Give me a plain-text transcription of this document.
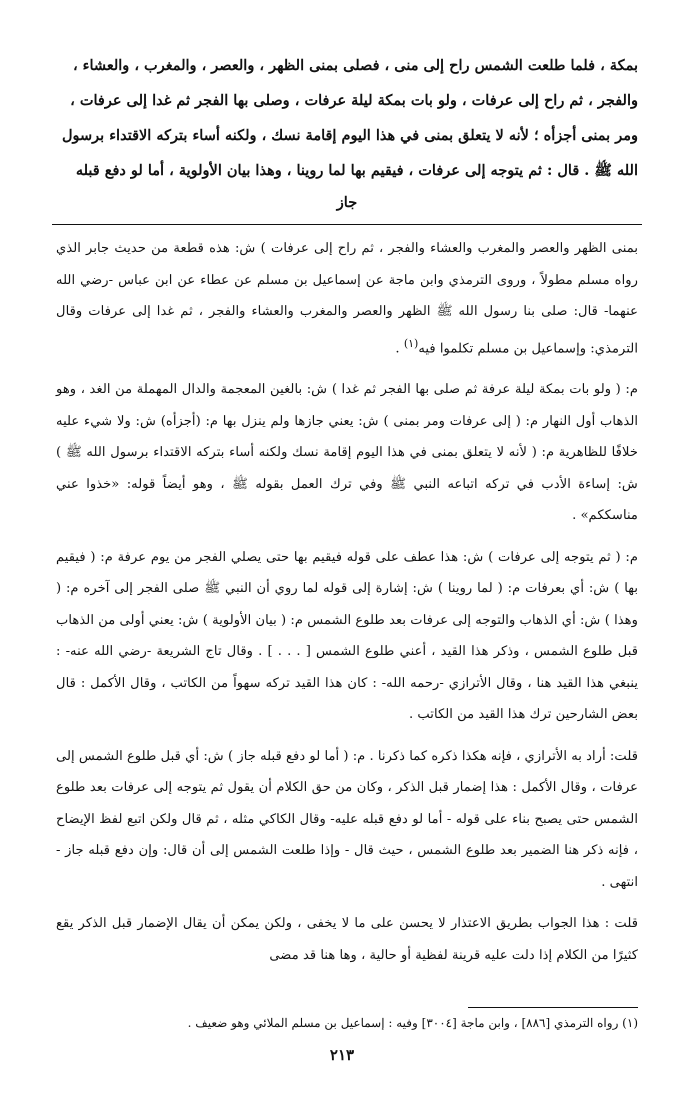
بمكة ، فلما طلعت الشمس راح إلى منى ، فصلى بمنى الظهر ، والعصر ، والمغرب ، والعشاء ،

والفجر ، ثم راح إلى عرفات ، ولو بات بمكة ليلة عرفات ، وصلى بها الفجر ثم غدا إلى عرفات ،

ومر بمنى أجزأه ؛ لأنه لا يتعلق بمنى في هذا اليوم إقامة نسك ، ولكنه أساء بتركه الاقتداء برسول

الله ﷺ . قال : ثم يتوجه إلى عرفات ، فيقيم بها لما روينا ، وهذا بيان الأولوية ، أما لو دفع قبله

جاز

بمنى الظهر والعصر والمغرب والعشاء والفجر ، ثم راح إلى عرفات ) ش: هذه قطعة من حديث جابر الذي رواه مسلم مطولاً ، وروى الترمذي وابن ماجة عن إسماعيل بن مسلم عن عطاء عن ابن عباس -رضي الله عنهما- قال: صلى بنا رسول الله ﷺ الظهر والعصر والمغرب والعشاء والفجر ، ثم غدا إلى عرفات وقال الترمذي: وإسماعيل بن مسلم تكلموا فيه$^{(١)}$ .

م: ( ولو بات بمكة ليلة عرفة ثم صلى بها الفجر ثم غدا ) ش: بالغين المعجمة والدال المهملة من الغد ، وهو الذهاب أول النهار م: ( إلى عرفات ومر بمنى ) ش: يعني جازها ولم ينزل بها م: (أجزأه) ش: ولا شيء عليه خلافًا للظاهرية م: ( لأنه لا يتعلق بمنى في هذا اليوم إقامة نسك ولكنه أساء بتركه الاقتداء برسول الله ﷺ ) ش: إساءة الأدب في تركه اتباعه النبي ﷺ وفي ترك العمل بقوله ﷺ ، وهو أيضاً قوله: «خذوا عني مناسككم» .

م: ( ثم يتوجه إلى عرفات ) ش: هذا عطف على قوله فيقيم بها حتى يصلي الفجر من يوم عرفة م: ( فيقيم بها ) ش: أي بعرفات م: ( لما روينا ) ش: إشارة إلى قوله لما روي أن النبي ﷺ صلى الفجر إلى آخره م: ( وهذا ) ش: أي الذهاب والتوجه إلى عرفات بعد طلوع الشمس م: ( بيان الأولوية ) ش: يعني أولى من الذهاب قبل طلوع الشمس ، وذكر هذا القيد ، أعني طلوع الشمس [ . . . ] . وقال تاج الشريعة -رضي الله عنه- : ينبغي هذا القيد هنا ، وقال الأترازي -رحمه الله- : كان هذا القيد تركه سهواً من الكاتب ، وقال الأكمل : قال بعض الشارحين ترك هذا القيد من الكاتب .

قلت: أراد به الأترازي ، فإنه هكذا ذكره كما ذكرنا . م: ( أما لو دفع قبله جاز ) ش: أي قبل طلوع الشمس إلى عرفات ، وقال الأكمل : هذا إضمار قبل الذكر ، وكان من حق الكلام أن يقول ثم يتوجه إلى عرفات بعد طلوع الشمس حتى يصبح بناء على قوله - أما لو دفع قبله عليه- وقال الكاكي مثله ، ثم قال ولكن اتبع لفظ الإيضاح ، فإنه ذكر هنا الضمير بعد طلوع الشمس ، حيث قال - وإذا طلعت الشمس إلى أن قال: وإن دفع قبله جاز - انتهى .

قلت : هذا الجواب بطريق الاعتذار لا يحسن على ما لا يخفى ، ولكن يمكن أن يقال الإضمار قبل الذكر يقع كثيرًا من الكلام إذا دلت عليه قرينة لفظية أو حالية ، وها هنا قد مضى

(١) رواه الترمذي [٨٨٦] ، وابن ماجة [٣٠٠٤] وفيه : إسماعيل بن مسلم الملائي وهو ضعيف .
٢١٣
